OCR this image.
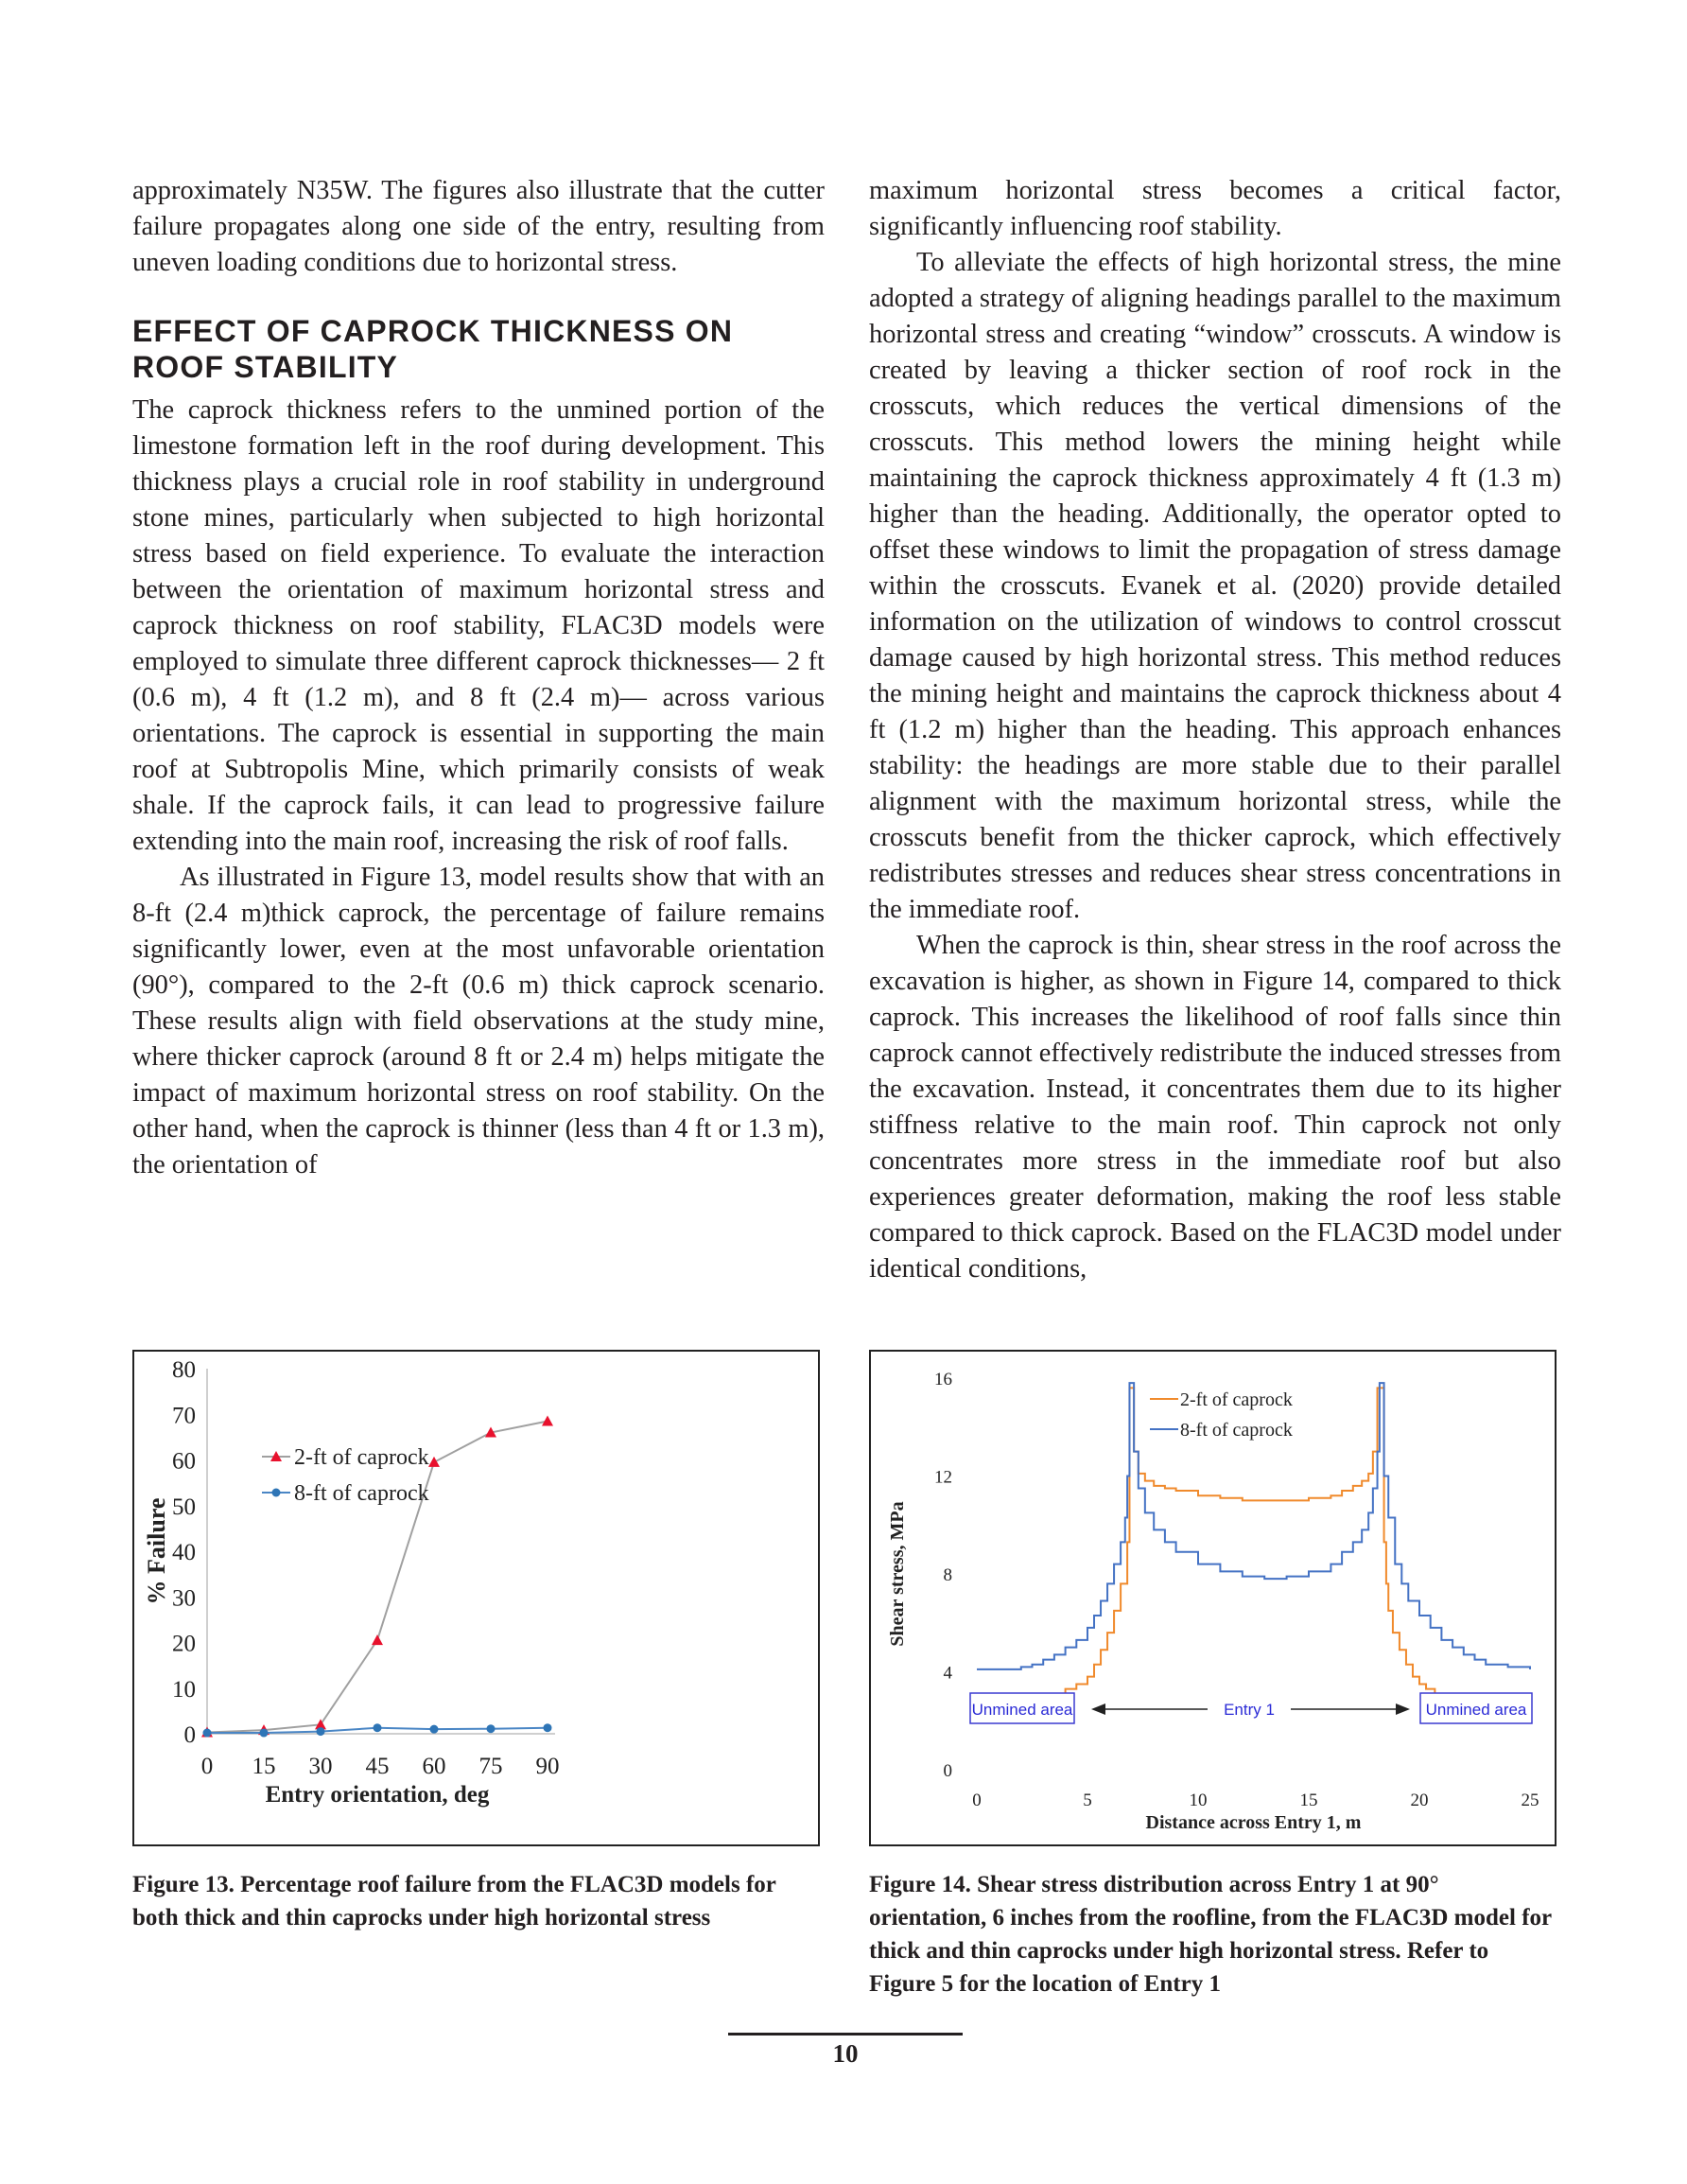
approximately N35W. The figures also illustrate that the cutter failure propagates along one side of the entry, resulting from uneven loading conditions due to horizontal stress.

EFFECT OF CAPROCK THICKNESS ON ROOF STABILITY

The caprock thickness refers to the unmined portion of the limestone formation left in the roof during development. This thickness plays a crucial role in roof stability in underground stone mines, particularly when subjected to high horizontal stress based on field experience. To evaluate the interaction between the orientation of maximum horizontal stress and caprock thickness on roof stability, FLAC3D models were employed to simulate three different caprock thicknesses— 2 ft (0.6 m), 4 ft (1.2 m), and 8 ft (2.4 m)— across various orientations. The caprock is essential in supporting the main roof at Subtropolis Mine, which primarily consists of weak shale. If the caprock fails, it can lead to progressive failure extending into the main roof, increasing the risk of roof falls.

As illustrated in Figure 13, model results show that with an 8-ft (2.4 m)thick caprock, the percentage of failure remains significantly lower, even at the most unfavorable orientation (90°), compared to the 2-ft (0.6 m) thick caprock scenario. These results align with field observations at the study mine, where thicker caprock (around 8 ft or 2.4 m) helps mitigate the impact of maximum horizontal stress on roof stability. On the other hand, when the caprock is thinner (less than 4 ft or 1.3 m), the orientation of

maximum horizontal stress becomes a critical factor, significantly influencing roof stability.

To alleviate the effects of high horizontal stress, the mine adopted a strategy of aligning headings parallel to the maximum horizontal stress and creating “window” crosscuts. A window is created by leaving a thicker section of roof rock in the crosscuts, which reduces the vertical dimensions of the crosscuts. This method lowers the mining height while maintaining the caprock thickness approximately 4 ft (1.3 m) higher than the heading. Additionally, the operator opted to offset these windows to limit the propagation of stress damage within the crosscuts. Evanek et al. (2020) provide detailed information on the utilization of windows to control crosscut damage caused by high horizontal stress. This method reduces the mining height and maintains the caprock thickness about 4 ft (1.2 m) higher than the heading. This approach enhances stability: the headings are more stable due to their parallel alignment with the maximum horizontal stress, while the crosscuts benefit from the thicker caprock, which effectively redistributes stresses and reduces shear stress concentrations in the immediate roof.

When the caprock is thin, shear stress in the roof across the excavation is higher, as shown in Figure 14, compared to thick caprock. This increases the likelihood of roof falls since thin caprock cannot effectively redistribute the induced stresses from the excavation. Instead, it concentrates them due to its higher stiffness relative to the main roof. Thin caprock not only concentrates more stress in the immediate roof but also experiences greater deformation, making the roof less stable compared to thick caprock. Based on the FLAC3D model under identical conditions,

0
10
20
30
40
50
60
70
80
0 15 30 45 60 75 90
Entry orientation, deg
% Failure
2-ft of caprock
8-ft of caprock
0
4
8
12
16
0	5	10	15	20	25
Distance across Entry 1, m
Shear stress, MPa
2-ft of caprock
8-ft of caprock
Unmined area	Unmined area
Entry 1
Figure 13. Percentage roof failure from the FLAC3D models for both thick and thin caprocks under high horizontal stress
Figure 14. Shear stress distribution across Entry 1 at 90° orientation, 6 inches from the roofline, from the FLAC3D model for thick and thin caprocks under high horizontal stress. Refer to Figure 5 for the location of Entry 1
10
